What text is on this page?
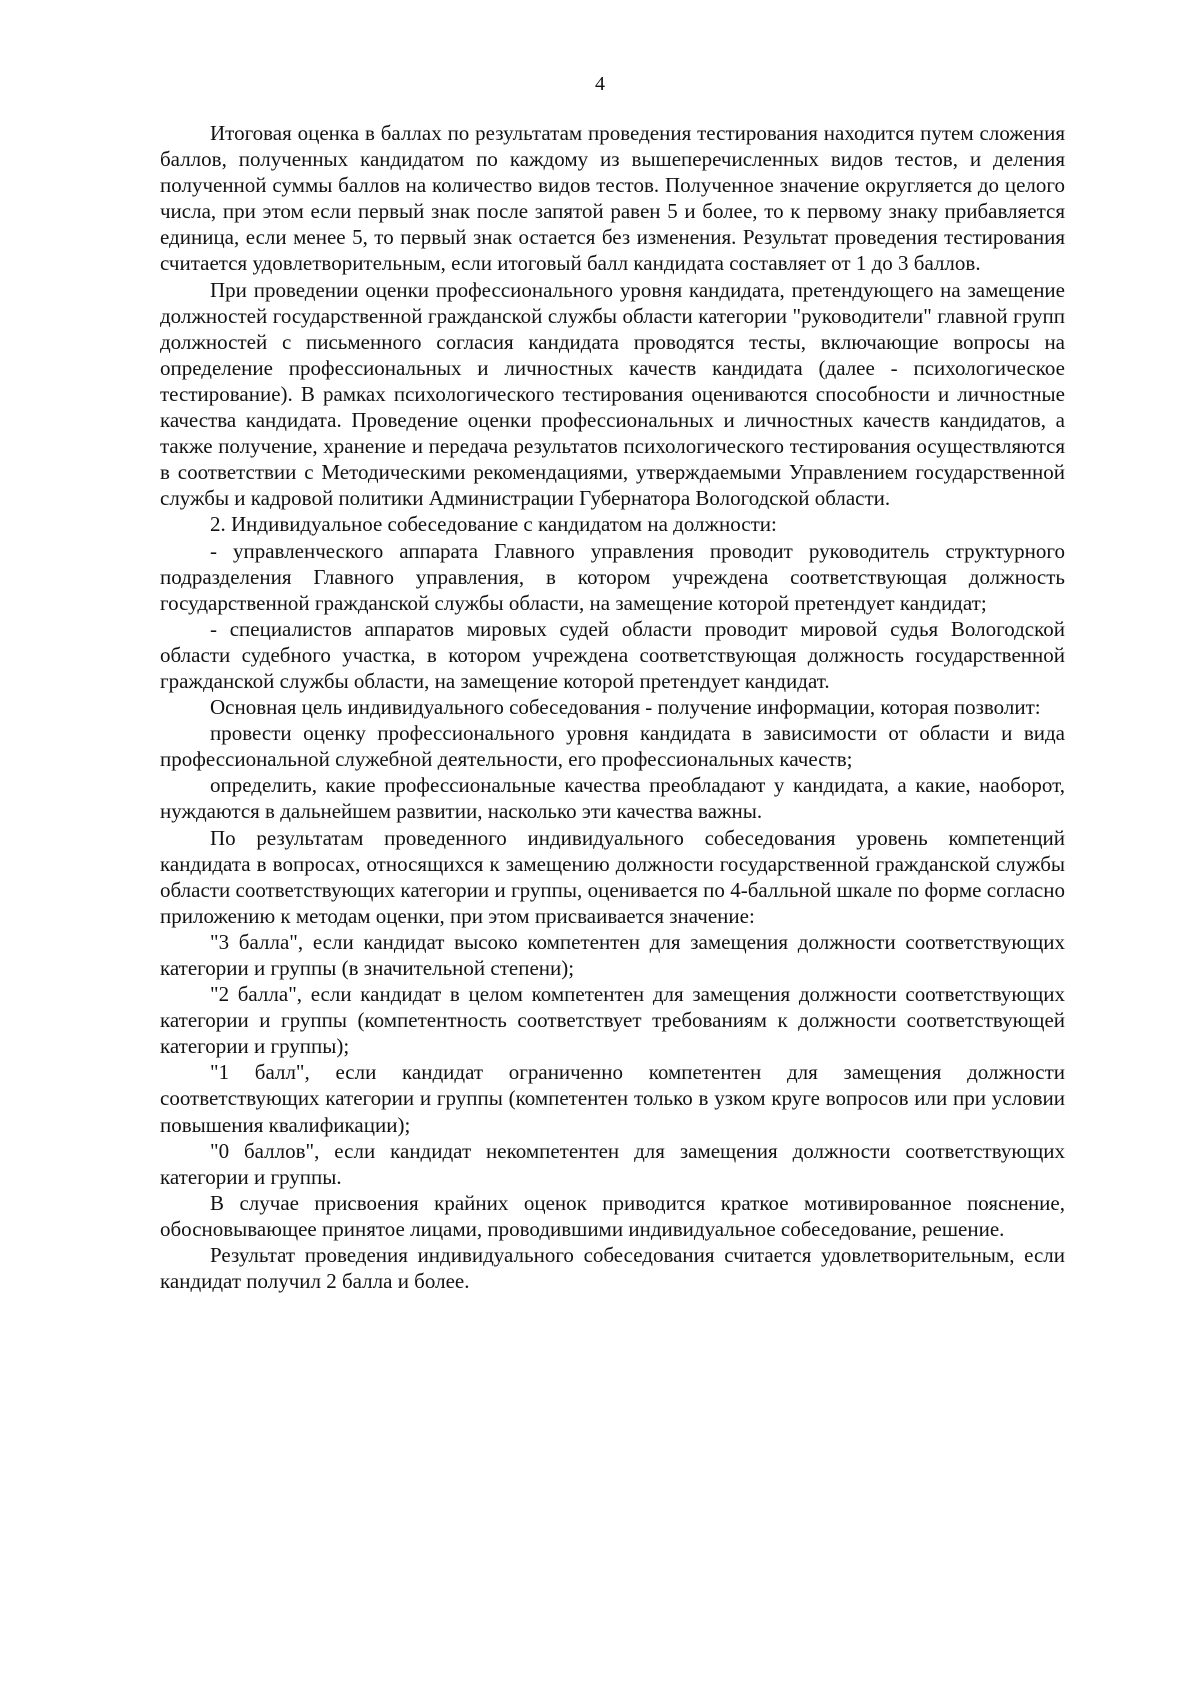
4

Итоговая оценка в баллах по результатам проведения тестирования находится путем сложения баллов, полученных кандидатом по каждому из вышеперечисленных видов тестов, и деления полученной суммы баллов на количество видов тестов. Полученное значение округляется до целого числа, при этом если первый знак после запятой равен 5 и более, то к первому знаку прибавляется единица, если менее 5, то первый знак остается без изменения. Результат проведения тестирования считается удовлетворительным, если итоговый балл кандидата составляет от 1 до 3 баллов.

При проведении оценки профессионального уровня кандидата, претендующего на замещение должностей государственной гражданской службы области категории "руководители" главной групп должностей с письменного согласия кандидата проводятся тесты, включающие вопросы на определение профессиональных и личностных качеств кандидата (далее - психологическое тестирование). В рамках психологического тестирования оцениваются способности и личностные качества кандидата. Проведение оценки профессиональных и личностных качеств кандидатов, а также получение, хранение и передача результатов психологического тестирования осуществляются в соответствии с Методическими рекомендациями, утверждаемыми Управлением государственной службы и кадровой политики Администрации Губернатора Вологодской области.

2. Индивидуальное собеседование с кандидатом на должности:

- управленческого аппарата Главного управления проводит руководитель структурного подразделения Главного управления, в котором учреждена соответствующая должность государственной гражданской службы области, на замещение которой претендует кандидат;

- специалистов аппаратов мировых судей области проводит мировой судья Вологодской области судебного участка, в котором учреждена соответствующая должность государственной гражданской службы области, на замещение которой претендует кандидат.

Основная цель индивидуального собеседования - получение информации, которая позволит:

провести оценку профессионального уровня кандидата в зависимости от области и вида профессиональной служебной деятельности, его профессиональных качеств;

определить, какие профессиональные качества преобладают у кандидата, а какие, наоборот, нуждаются в дальнейшем развитии, насколько эти качества важны.

По результатам проведенного индивидуального собеседования уровень компетенций кандидата в вопросах, относящихся к замещению должности государственной гражданской службы области соответствующих категории и группы, оценивается по 4-балльной шкале по форме согласно приложению к методам оценки, при этом присваивается значение:

"3 балла", если кандидат высоко компетентен для замещения должности соответствующих категории и группы (в значительной степени);

"2 балла", если кандидат в целом компетентен для замещения должности соответствующих категории и группы (компетентность соответствует требованиям к должности соответствующей категории и группы);

"1 балл", если кандидат ограниченно компетентен для замещения должности соответствующих категории и группы (компетентен только в узком круге вопросов или при условии повышения квалификации);

"0 баллов", если кандидат некомпетентен для замещения должности соответствующих категории и группы.

В случае присвоения крайних оценок приводится краткое мотивированное пояснение, обосновывающее принятое лицами, проводившими индивидуальное собеседование, решение.

Результат проведения индивидуального собеседования считается удовлетворительным, если кандидат получил 2 балла и более.
